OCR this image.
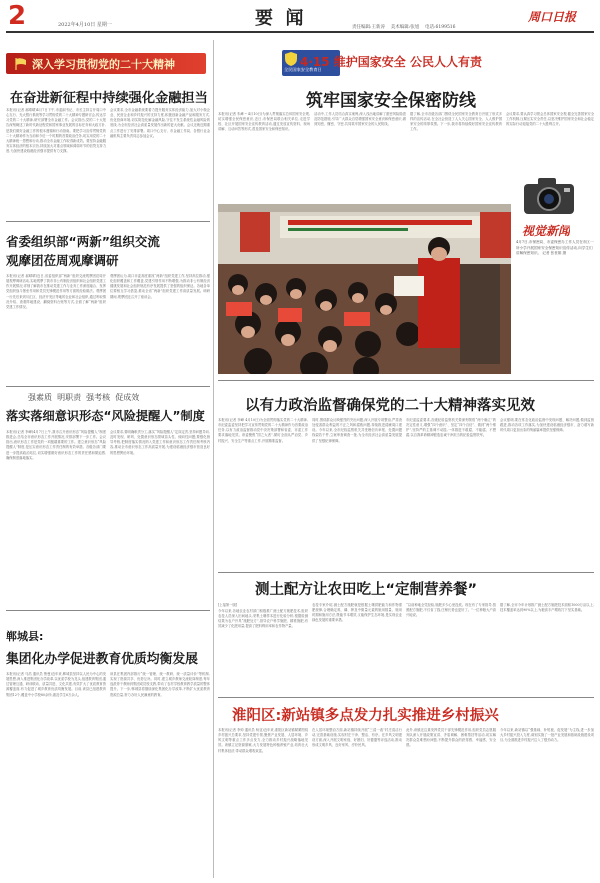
2	2022年4月10日 星期一	要  闻	责任编辑:王新涛    美术编辑:张旭    电话:6199516
周口日报
深入学习贯彻党的二十大精神
在奋进新征程中持续强化金融担当
本报讯(记者 郝晴晴)4月7日下午,市委副书记、市长主持召开周口中心支行、光大银行系统等学习贯彻党的二十大精神专题研讨会,传达学习党的二十大精神,研究部署全市金融工作。会议指出,党的二十大报告深刻阐述了新时代新征程党和国家事业发展的目标任务和大政方针,是我们做好金融工作的根本遵循和行动指南。要把学习宣传贯彻党的二十大精神作为当前和今后一个时期的首要政治任务,切实用党的二十大精神统一思想和行动,推动全市金融工作取得新成效。要坚持金融服务实体经济的根本宗旨,持续加大对重点领域和薄弱环节的信贷支持力度,为加快建设临港经济强市提供有力支撑。
会议要求,全市金融系统要着力提升服务实体经济能力,加大对小微企业、民营企业和乡村振兴的支持力度,积极创新金融产品和服务方式,优化营商环境,切实防范化解金融风险,守住不发生系统性金融风险的底线,为全市经济社会高质量发展作出新的更大贡献。会议还就近期重点工作进行了安排部署。周口中心支行、市金融工作局、各银行业金融机构主要负责同志参加会议。
省委组织部“两新”组织交流
观摩团莅周观摩调研
本报讯(记者 郝晴晴)近日,省委组织部“两新”组织交流观摩团莅周开展观摩调研活动,实地观摩了我市非公有制经济组织和社会组织党建工作开展情况,详细了解我市在推动党建工作与业务工作深度融合、发挥党组织战斗堡垒作用和党员先锋模范作用等方面的经验做法。观摩团一行先后来到川汇区、经济开发区等地的企业和社会组织,通过听取情况介绍、查看阵地建设、翻阅资料台账等方式,全面了解“两新”组织党建工作情况。
观摩团认为,周口市委高度重视“两新”组织党建工作,坚持高位推动,强化组织覆盖和工作覆盖,党建引领作用不断增强,为推动非公有制经济健康发展和社会组织规范有序发展提供了坚强的组织保证。各地各单位要相互学习借鉴,推动全省“两新”组织党建工作高质量发展。调研期间,观摩团还召开了座谈会。
强素质  明职责  强考核  促成效
落实落细意识形态“风险提醒人”制度
本报讯(记者 李峰)4月7日上午,我市召开意识形态“风险提醒人”制度推进会,总结全市意识形态工作开展情况,安排部署下一步工作。会议指出,意识形态工作是党的一项极端重要的工作。建立意识形态“风险提醒人”制度,是压实意识形态工作责任制的有效举措。各级各部门要进一步提高政治站位,切实增强做好意识形态工作的责任感和紧迫感,确保制度落地落实。
会议要求,要明确职责分工,落实“风险提醒人”定岗定责,坚持问题导向,及时发现、研判、处置意识形态领域苗头性、倾向性问题;要强化督导考核,把制度落实情况纳入党建工作和意识形态工作责任制考核内容,推动全市意识形态工作高质量开展,为建设临港经济强市营造良好的思想舆论环境。
郸城县:
集团化办学促进教育优质均衡发展
本报讯(记者 马浩 通讯员 鲁曼)近年来,郸城县坚持以人民为中心的发展思想,深入推进集团化办学改革,以优质学校为龙头,组建教育集团,通过管理互通、研训联动、质量共进、文化共建,有效扩大了优质教育资源覆盖面,有力促进了城乡教育优质均衡发展。目前,该县已组建教育集团12个,覆盖中小学校80余所,惠及学生6万余人。
该县在集团内部推行“统一管理、统一教研、统一质量评价”等机制,实现了资源共享、优势互补。同时,建立城乡教师交流轮岗制度,每年选派骨干教师到集团成员校支教,带动了农村学校教育教学质量的整体提升。下一步,郸城县将继续深化集团化办学改革,不断扩大优质教育资源总量,努力办好人民满意的教育。
全民国家安全教育日
4·15 维护国家安全 公民人人有责
筑牢国家安全保密防线
本报讯(记者 朱峰 ─ 4月10日)为深入贯彻落实总体国家安全观,切实增强全民保密意识,近日,市保密局联合相关单位,走进学校、社区开展国家安全宣传教育活动,通过发放宣传资料、现场讲解、互动问答等形式,普及国家安全和保密知识。
活动中,工作人员结合真实案例,深入浅出地讲解了泄密风险隐患及防范措施,引导广大群众自觉增强国家安全意识和保密意识,做到知密、懂密、守密,共同筑牢国家安全的人民防线。
据了解,全市各级各部门围绕全民国家安全教育日开展了形式多样的宣传活动,在全社会营造了人人关心国家安全、人人维护国家安全的浓厚氛围。下一步,我市将持续做好国家安全宣传教育工作。
会议要求,要认真学习领会总体国家安全观,健全完善国家安全工作机制,压紧压实安全责任,以坚决维护国家安全和社会稳定的实际行动迎接党的二十大胜利召开。
视觉新闻
4月7日,市保密局、市委保密办工作人员在市区一所小学开展国家安全保密知识宣传活动,向学生们讲解保密知识。 记者 张世雄 摄
以有力政治监督确保党的二十大精神落实见效
本报讯(记者 李峰 4月10日)为全面贯彻落实党的二十大精神,市纪委监委坚持把学习宣传贯彻党的二十大精神作为首要政治任务,以有力政治监督推动党中央决策部署和省委、市委工作要求落地见效。该委聚焦“国之大者”,紧盯全面从严治党、乡村振兴、安全生产等重点工作,开展精准监督。
同时,围绕群众反映强烈的突出问题,深入开展专项整治,严肃查处侵害群众利益的不正之风和腐败问题,持续推进清廉周口建设。今年以来,全市纪检监察机关共受理信访举报、处置问题线索若干件,立案审查调查一批,为全市经济社会高质量发展提供了坚强纪律保障。
市纪委监委要求,各级纪检监察机关要深刻领悟“两个确立”的决定性意义,增强“四个意识”、坚定“四个自信”、做到“两个维护”,坚持严的主基调不动摇,一体推进不敢腐、不能腐、不想腐,以自我革命精神锻造忠诚干净担当的纪检监察铁军。
会议强调,要在常态化政治监督中发现问题、解决问题,做到监督跟进,推动各项工作落实,为加快建设临港经济强市、奋力谱写新时代周口更加出彩的绚丽篇章提供坚强保障。
测土配方让农田吃上“定制营养餐”
[上接第一版]
今年以来,各地农业农村部门积极推广测土配方施肥技术,组织农技人员深入田间地头,采集土壤样本进行化验分析,根据检测结果为农户开具“施肥处方”,指导农户科学施肥、精准施肥,有效减少了化肥用量,提高了肥料利用率和农作物产量。
农技专家介绍,测土配方施肥就是根据土壤供肥能力和作物需肥规律,合理确定氮、磷、钾及中微量元素的施用数量、施用时期和施用方法,既能节本增效,又能保护生态环境,是实现农业绿色发展的重要举措。
“以前种地全凭经验,施肥多少心里没底。现在有了专家指导,按照配方施肥,不仅省了钱,庄稼长势也更好了。”一位种粮大户高兴地说。
据了解,全市今年计划推广测土配方施肥技术面积1000万亩以上,技术覆盖率达到90%以上,为粮食丰产增收打下坚实基础。
淮阳区:新站镇多点发力扎实推进乡村振兴
本报讯(记者 李帅 通讯员 杨亚)近年来,淮阳区新站镇紧紧围绕乡村振兴总要求,坚持党建引领,聚焦产业发展、人居环境、乡风文明等重点工作多点发力,全力推动乡村振兴战略落地见效。该镇立足资源禀赋,大力发展特色种植养殖产业,培育壮大村集体经济,带动群众增收致富。
在人居环境整治方面,新站镇持续开展“三清一改”村庄清洁行动,完善基础设施,实现村庄干净、整洁、有序。在乡风文明建设方面,深入开展文明家庭、好媳妇、好婆婆等评选活动,推动形成文明乡风、良好家风、淳朴民风。
此外,该镇还注重发挥党员干部先锋模范作用,组织党员志愿服务队深入开展政策宣讲、矛盾调解、困难帮扶等活动,切实解决群众急难愁盼问题,不断提升群众的获得感、幸福感、安全感。
今年以来,新站镇以“强基础、补短板、促发展”为主线,进一步加大乡村振兴投入力度,谋划实施了一批产业发展和基础设施建设项目,为全面推进乡村振兴注入了强劲动力。
